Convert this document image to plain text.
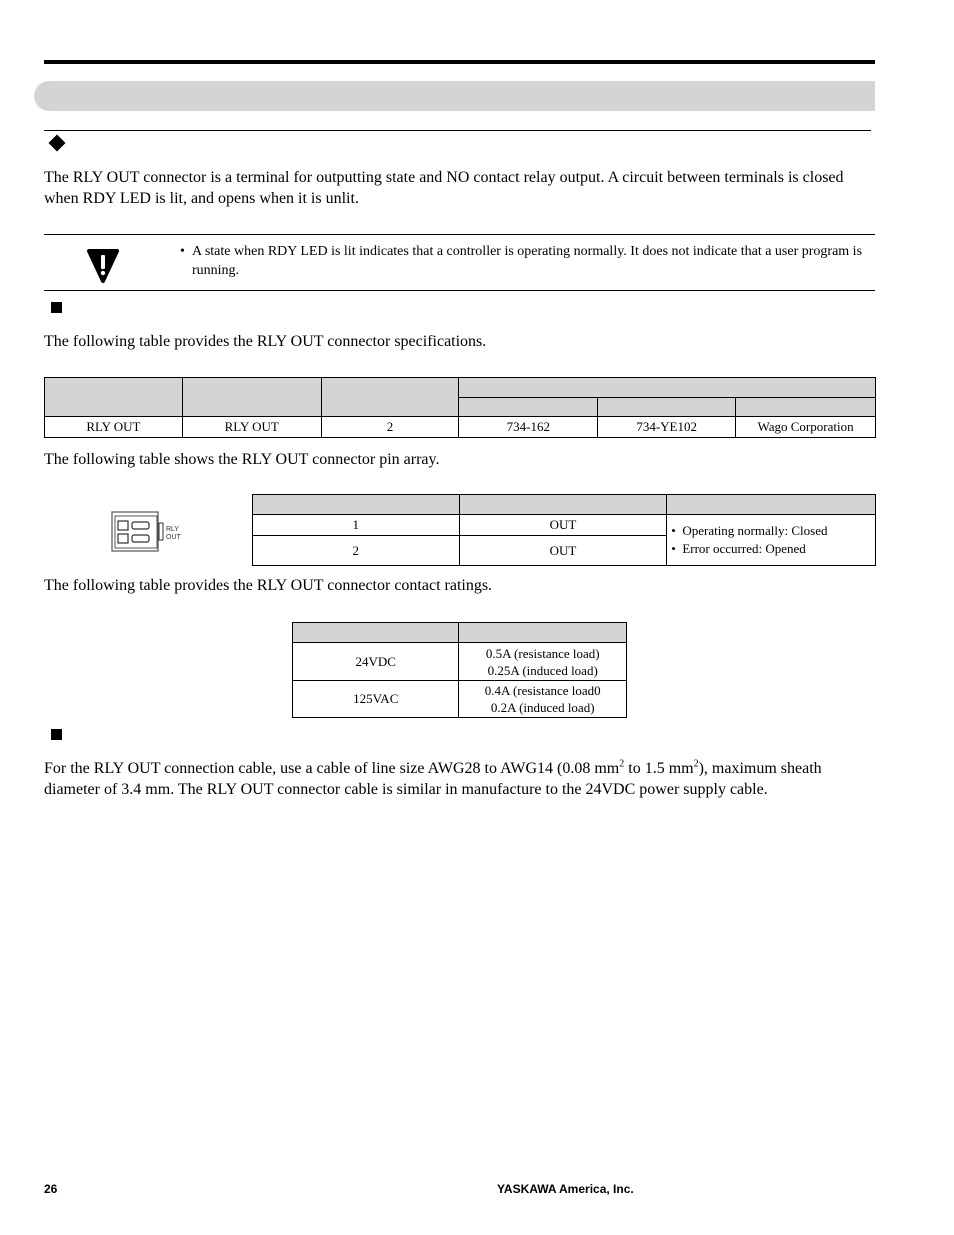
The RLY OUT connector is a terminal for outputting state and NO contact relay output. A circuit between terminals is closed when RDY LED is lit, and opens when it is unlit.
• A state when RDY LED is lit indicates that a controller is operating normally. It does not indicate that a user program is running.
The following table provides the RLY OUT connector specifications.

RLY OUT	RLY OUT	2	734-162	734-YE102	Wago Corporation
The following table shows the RLY OUT connector pin array.
RLY
OUT

1	OUT	•  Operating normally: Closed
•  Error occurred: Opened

2	OUT	
The following table provides the RLY OUT connector contact ratings.

24VDC	0.5A (resistance load)
0.25A (induced load)

125VAC	0.4A (resistance load0
0.2A (induced load)
For the RLY OUT connection cable, use a cable of line size AWG28 to AWG14 (0.08 $mm^2$ to 1.5 $mm^2$), maximum sheath diameter of 3.4 mm. The RLY OUT connector cable is similar in manufacture to the 24VDC power supply cable.
26	YASKAWA America, Inc.
